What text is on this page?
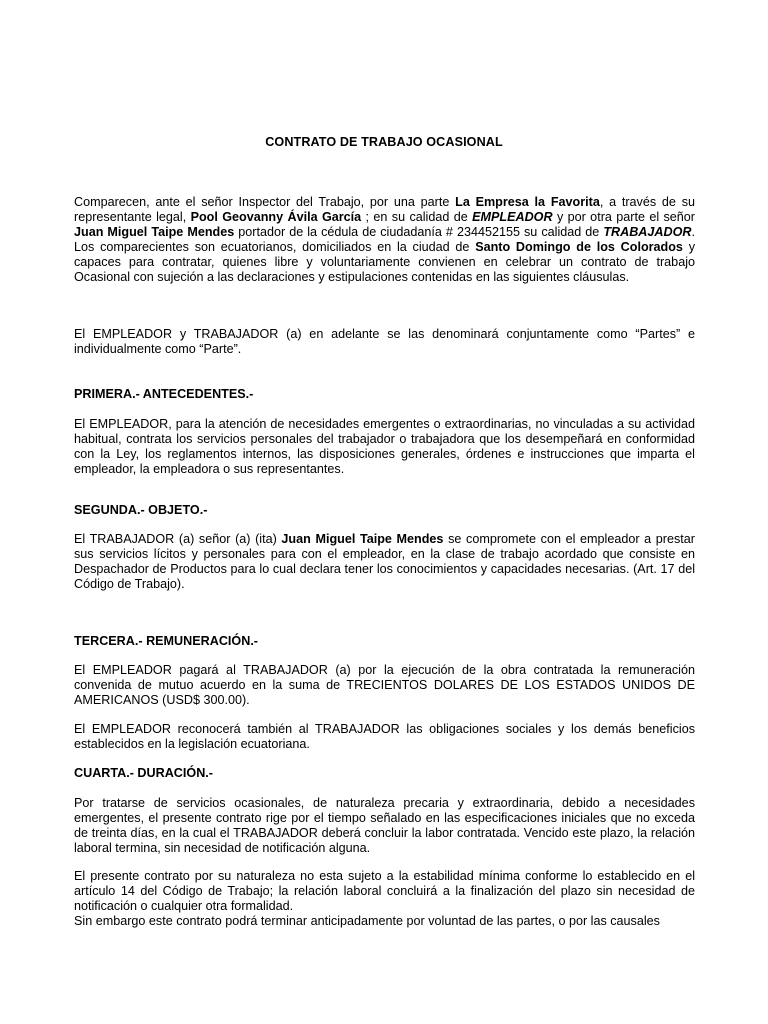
CONTRATO DE TRABAJO OCASIONAL

Comparecen, ante el señor Inspector del Trabajo, por una parte La Empresa la Favorita, a través de su representante legal, Pool Geovanny Ávila García ; en su calidad de EMPLEADOR y por otra parte el señor Juan Miguel Taipe Mendes portador de la cédula de ciudadanía # 234452155 su calidad de TRABAJADOR. Los comparecientes son ecuatorianos, domiciliados en la ciudad de Santo Domingo de los Colorados y capaces para contratar, quienes libre y voluntariamente convienen en celebrar un contrato de trabajo Ocasional con sujeción a las declaraciones y estipulaciones contenidas en las siguientes cláusulas.

El EMPLEADOR y TRABAJADOR (a) en adelante se las denominará conjuntamente como “Partes” e individualmente como “Parte”.

PRIMERA.- ANTECEDENTES.-

El EMPLEADOR, para la atención de necesidades emergentes o extraordinarias, no vinculadas a su actividad habitual, contrata los servicios personales del trabajador o trabajadora que los desempeñará en conformidad con la Ley, los reglamentos internos, las disposiciones generales, órdenes e instrucciones que imparta el empleador, la empleadora o sus representantes.

SEGUNDA.- OBJETO.-

El TRABAJADOR (a) señor (a) (ita) Juan Miguel Taipe Mendes se compromete con el empleador a prestar sus servicios lícitos y personales para con el empleador, en la clase de trabajo acordado que consiste en Despachador de Productos para lo cual declara tener los conocimientos y capacidades necesarias. (Art. 17 del Código de Trabajo).

TERCERA.- REMUNERACIÓN.-

El EMPLEADOR pagará al TRABAJADOR (a) por la ejecución de la obra contratada la remuneración convenida de mutuo acuerdo en la suma de TRECIENTOS DOLARES DE LOS ESTADOS UNIDOS DE AMERICANOS (USD$ 300.00).

El EMPLEADOR reconocerá también al TRABAJADOR las obligaciones sociales y los demás beneficios establecidos en la legislación ecuatoriana.

CUARTA.- DURACIÓN.-

Por tratarse de servicios ocasionales, de naturaleza precaria y extraordinaria, debido a necesidades emergentes, el presente contrato rige por el tiempo señalado en las especificaciones iniciales que no exceda de treinta días, en la cual el TRABAJADOR deberá concluir la labor contratada. Vencido este plazo, la relación laboral termina, sin necesidad de notificación alguna.

El presente contrato por su naturaleza no esta sujeto a la estabilidad mínima conforme lo establecido en el artículo 14 del Código de Trabajo; la relación laboral concluirá a la finalización del plazo sin necesidad de notificación o cualquier otra formalidad.

Sin embargo este contrato podrá terminar anticipadamente por voluntad de las partes, o por las causales
